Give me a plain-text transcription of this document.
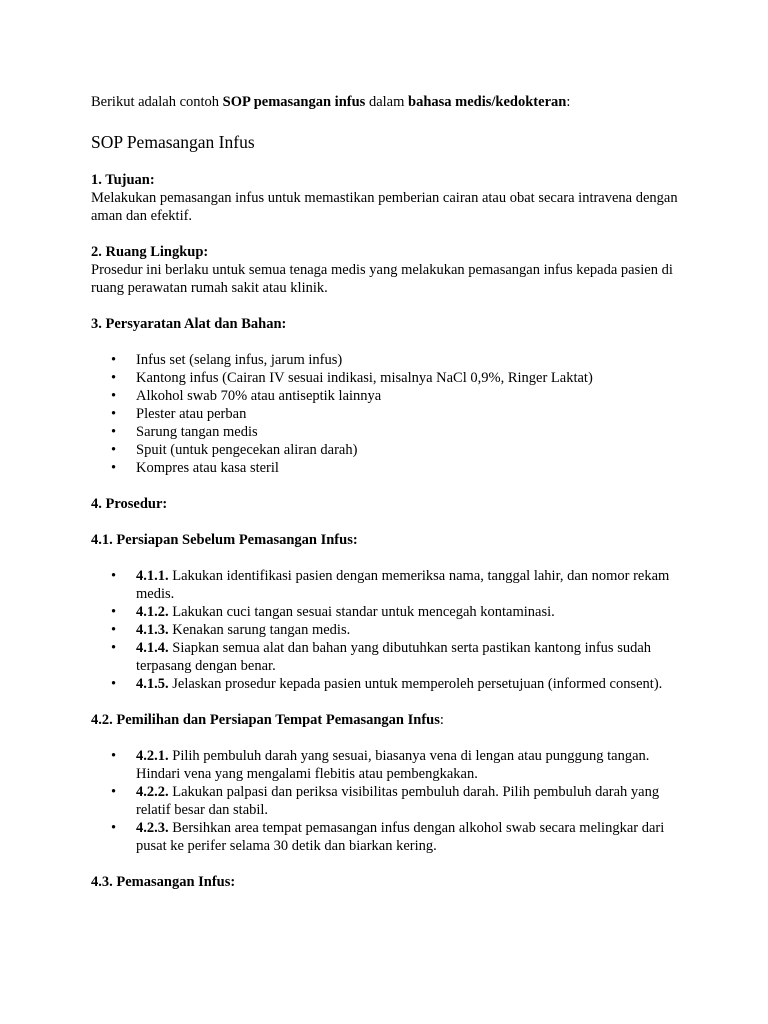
Berikut adalah contoh SOP pemasangan infus dalam bahasa medis/kedokteran:

SOP Pemasangan Infus

1. Tujuan:

Melakukan pemasangan infus untuk memastikan pemberian cairan atau obat secara intravena dengan aman dan efektif.

2. Ruang Lingkup:

Prosedur ini berlaku untuk semua tenaga medis yang melakukan pemasangan infus kepada pasien di ruang perawatan rumah sakit atau klinik.

3. Persyaratan Alat dan Bahan:

• Infus set (selang infus, jarum infus)
• Kantong infus (Cairan IV sesuai indikasi, misalnya NaCl 0,9%, Ringer Laktat)
• Alkohol swab 70% atau antiseptik lainnya
• Plester atau perban
• Sarung tangan medis
• Spuit (untuk pengecekan aliran darah)
• Kompres atau kasa steril

4. Prosedur:

4.1. Persiapan Sebelum Pemasangan Infus:

• 4.1.1. Lakukan identifikasi pasien dengan memeriksa nama, tanggal lahir, dan nomor rekam medis.
• 4.1.2. Lakukan cuci tangan sesuai standar untuk mencegah kontaminasi.
• 4.1.3. Kenakan sarung tangan medis.
• 4.1.4. Siapkan semua alat dan bahan yang dibutuhkan serta pastikan kantong infus sudah terpasang dengan benar.
• 4.1.5. Jelaskan prosedur kepada pasien untuk memperoleh persetujuan (informed consent).

4.2. Pemilihan dan Persiapan Tempat Pemasangan Infus:

• 4.2.1. Pilih pembuluh darah yang sesuai, biasanya vena di lengan atau punggung tangan. Hindari vena yang mengalami flebitis atau pembengkakan.
• 4.2.2. Lakukan palpasi dan periksa visibilitas pembuluh darah. Pilih pembuluh darah yang relatif besar dan stabil.
• 4.2.3. Bersihkan area tempat pemasangan infus dengan alkohol swab secara melingkar dari pusat ke perifer selama 30 detik dan biarkan kering.

4.3. Pemasangan Infus:
